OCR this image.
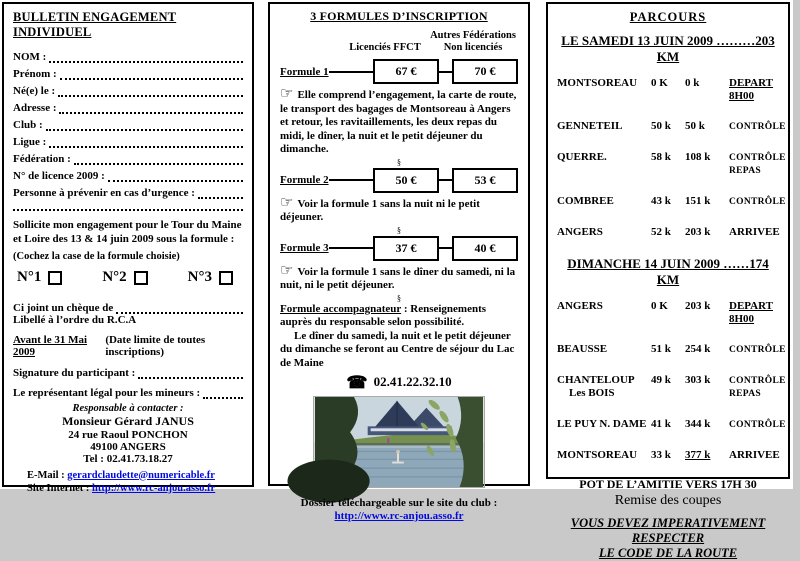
BULLETIN ENGAGEMENT INDIVIDUEL
NOM :
Prénom :
Né(e) le :
Adresse :
Club :
Ligue :
Fédération :
N° de licence 2009 :
Personne à prévenir en cas d’urgence :
Sollicite mon engagement pour le Tour du Maine et Loire des 13 & 14 juin 2009 sous la formule :
(Cochez la case de la formule choisie)
N°1	N°2	N°3
Ci joint un chèque de
Libellé à l’ordre du R.C.A
Avant le 31 Mai 2009
(Date limite de toutes inscriptions)
Signature du participant :
Le représentant légal pour les mineurs :
Responsable à contacter :
Monsieur Gérard JANUS
24 rue Raoul PONCHON
49100 ANGERS
Tel : 02.41.73.18.27
E-Mail : gerardclaudette@numericable.fr
Site Internet : http://www.rc-anjou.asso.fr
3 FORMULES D’INSCRIPTION
Licenciés FFCT
Autres Fédérations
Non licenciés
Formule 1	67 €	70 €
☞ Elle comprend l’engagement, la carte de route, le transport des bagages de Montsoreau à Angers et retour, les ravitaillements, les deux repas du midi, le dîner, la nuit et le petit déjeuner du dimanche.
§
Formule 2	50 €	53 €
☞ Voir la formule 1 sans la nuit ni le petit déjeuner.
§
Formule 3	37 €	40 €
☞ Voir la formule 1 sans le dîner du samedi, ni la nuit, ni le petit déjeuner.
§
Formule accompagnateur : Renseignements auprès du responsable selon possibilité.
Le dîner du samedi, la nuit et le petit déjeuner du dimanche se feront au Centre de séjour du Lac de Maine
☎ 02.41.22.32.10
Dossier téléchargeable sur le site du club :
http://www.rc-anjou.asso.fr
PARCOURS
LE SAMEDI 13 JUIN 2009 ………203 KM
MONTSOREAU	0 K	0 k	DEPART 8H00
GENNETEIL	50 k	50 k	CONTRÔLE
QUERRE.	58 k	108 k	CONTRÔLE REPAS
COMBREE	43 k	151 k	CONTRÔLE
ANGERS	52 k	203 k	ARRIVEE
DIMANCHE 14 JUIN 2009 ……174 KM
ANGERS	0 K	203 k	DEPART 8H00
BEAUSSE	51 k	254 k	CONTRÔLE
CHANTELOUP
Les BOIS
49 k	303 k	CONTRÔLE REPAS
LE PUY N. DAME 41 k	344 k	CONTRÔLE
MONTSOREAU	33 k	377 k	ARRIVEE
POT DE L’AMITIE VERS 17H 30
Remise des coupes
VOUS DEVEZ IMPERATIVEMENT
RESPECTER
LE CODE DE LA ROUTE
